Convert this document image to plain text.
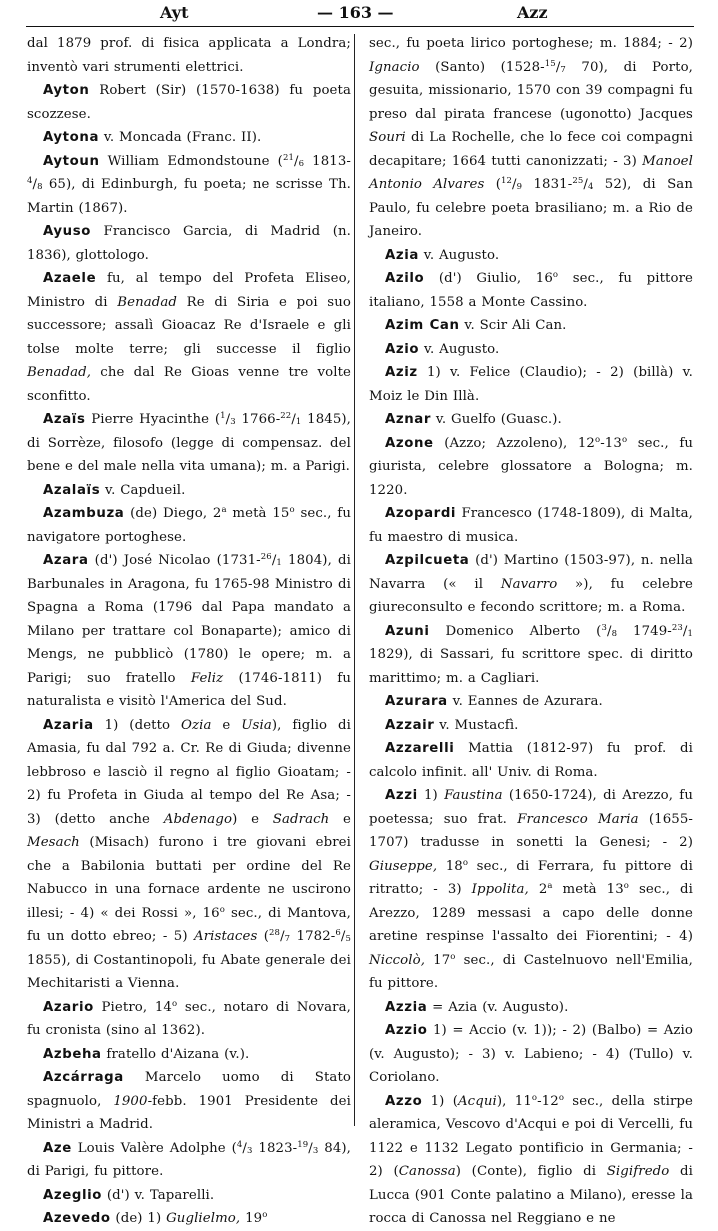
Ayt	— 163 —	Azz

dal 1879 prof. di fisica applicata a Londra; inventò vari strumenti elettrici.

Ayton Robert (Sir) (1570-1638) fu poeta scozzese.

Aytona v. Moncada (Franc. II).

Aytoun William Edmondstoune ($^{21}/_6$ $1813-^4/_8$ 65), di Edinburgh, fu poeta; ne scrisse Th. Martin (1867).

Ayuso Francisco Garcia, di Madrid (n. 1836), glottologo.

Azaele fu, al tempo del Profeta Eliseo, Ministro di Benadad Re di Siria e poi suo successore; assalì Gioacaz Re d'Israele e gli tolse molte terre; gli successe il figlio Benadad, che dal Re Gioas venne tre volte sconfitto.

Azaïs Pierre Hyacinthe ($^1/_3$ $1766-^{22}/_1$ 1845), di Sorrèze, filosofo (legge di compensaz. del bene e del male nella vita umana); m. a Parigi.

Azalaïs v. Capdueil.

Azambuza (de) Diego, 2$^a$ metà 15$^o$ sec., fu navigatore portoghese.

Azara (d') José Nicolao ($1731-^{26}/_1$ 1804), di Barbunales in Aragona, fu 1765-98 Ministro di Spagna a Roma (1796 dal Papa mandato a Milano per trattare col Bonaparte); amico di Mengs, ne pubblicò (1780) le opere; m. a Parigi; suo fratello Feliz (1746-1811) fu naturalista e visitò l'America del Sud.

Azaria 1) (detto Ozia e Usia), figlio di Amasia, fu dal 792 a. Cr. Re di Giuda; divenne lebbroso e lasciò il regno al figlio Gioatam; - 2) fu Profeta in Giuda al tempo del Re Asa; - 3) (detto anche Abdenago) e Sadrach e Mesach (Misach) furono i tre giovani ebrei che a Babilonia buttati per ordine del Re Nabucco in una fornace ardente ne uscirono illesi; - 4) « dei Rossi », 16$^o$ sec., di Mantova, fu un dotto ebreo; - 5) Aristaces ($^{28}/_7$ $1782-^6/_5$ 1855), di Costantinopoli, fu Abate generale dei Mechitaristi a Vienna.

Azario Pietro, 14$^o$ sec., notaro di Novara, fu cronista (sino al 1362).

Azbeha fratello d'Aizana (v.).

Azcárraga Marcelo uomo di Stato spagnuolo, 1900-febb. 1901 Presidente dei Ministri a Madrid.

Aze Louis Valère Adolphe ($^4/_3$ $1823-^{19}/_3$ 84), di Parigi, fu pittore.

Azeglio (d') v. Taparelli.

Azevedo (de) 1) Guglielmo, 19$^o$

sec., fu poeta lirico portoghese; m. 1884; - 2) Ignacio (Santo) ($1528-^{15}/_7$ 70), di Porto, gesuita, missionario, 1570 con 39 compagni fu preso dal pirata francese (ugonotto) Jacques Souri di La Rochelle, che lo fece coi compagni decapitare; 1664 tutti canonizzati; - 3) Manoel Antonio Alvares ($^{12}/_9$ $1831-^{25}/_4$ 52), di San Paulo, fu celebre poeta brasiliano; m. a Rio de Janeiro.

Azia v. Augusto.

Azilo (d') Giulio, 16$^o$ sec., fu pittore italiano, 1558 a Monte Cassino.

Azim Can v. Scir Ali Can.

Azio v. Augusto.

Aziz 1) v. Felice (Claudio); - 2) (billà) v. Moiz le Din Illà.

Aznar v. Guelfo (Guasc.).

Azone (Azzo; Azzoleno), 12$^o$-13$^o$ sec., fu giurista, celebre glossatore a Bologna; m. 1220.

Azopardi Francesco (1748-1809), di Malta, fu maestro di musica.

Azpilcueta (d') Martino (1503-97), n. nella Navarra (« il Navarro »), fu celebre giureconsulto e fecondo scrittore; m. a Roma.

Azuni Domenico Alberto ($^3/_8$ $1749-^{23}/_1$ 1829), di Sassari, fu scrittore spec. di diritto marittimo; m. a Cagliari.

Azurara v. Eannes de Azurara.

Azzair v. Mustacfì.

Azzarelli Mattia (1812-97) fu prof. di calcolo infinit. all' Univ. di Roma.

Azzi 1) Faustina (1650-1724), di Arezzo, fu poetessa; suo frat. Francesco Maria (1655-1707) tradusse in sonetti la Genesi; - 2) Giuseppe, 18$^o$ sec., di Ferrara, fu pittore di ritratto; - 3) Ippolita, 2$^a$ metà 13$^o$ sec., di Arezzo, 1289 messasi a capo delle donne aretine respinse l'assalto dei Fiorentini; - 4) Niccolò, 17$^o$ sec., di Castelnuovo nell'Emilia, fu pittore.

Azzia = Azia (v. Augusto).

Azzio 1) = Accio (v. 1)); - 2) (Balbo) = Azio (v. Augusto); - 3) v. Labieno; - 4) (Tullo) v. Coriolano.

Azzo 1) (Acqui), 11$^o$-12$^o$ sec., della stirpe aleramica, Vescovo d'Acqui e poi di Vercelli, fu 1122 e 1132 Legato pontificio in Germania; - 2) (Canossa) (Conte), figlio di Sigifredo di Lucca (901 Conte palatino a Milano), eresse la rocca di Canossa nel Reggiano e ne
